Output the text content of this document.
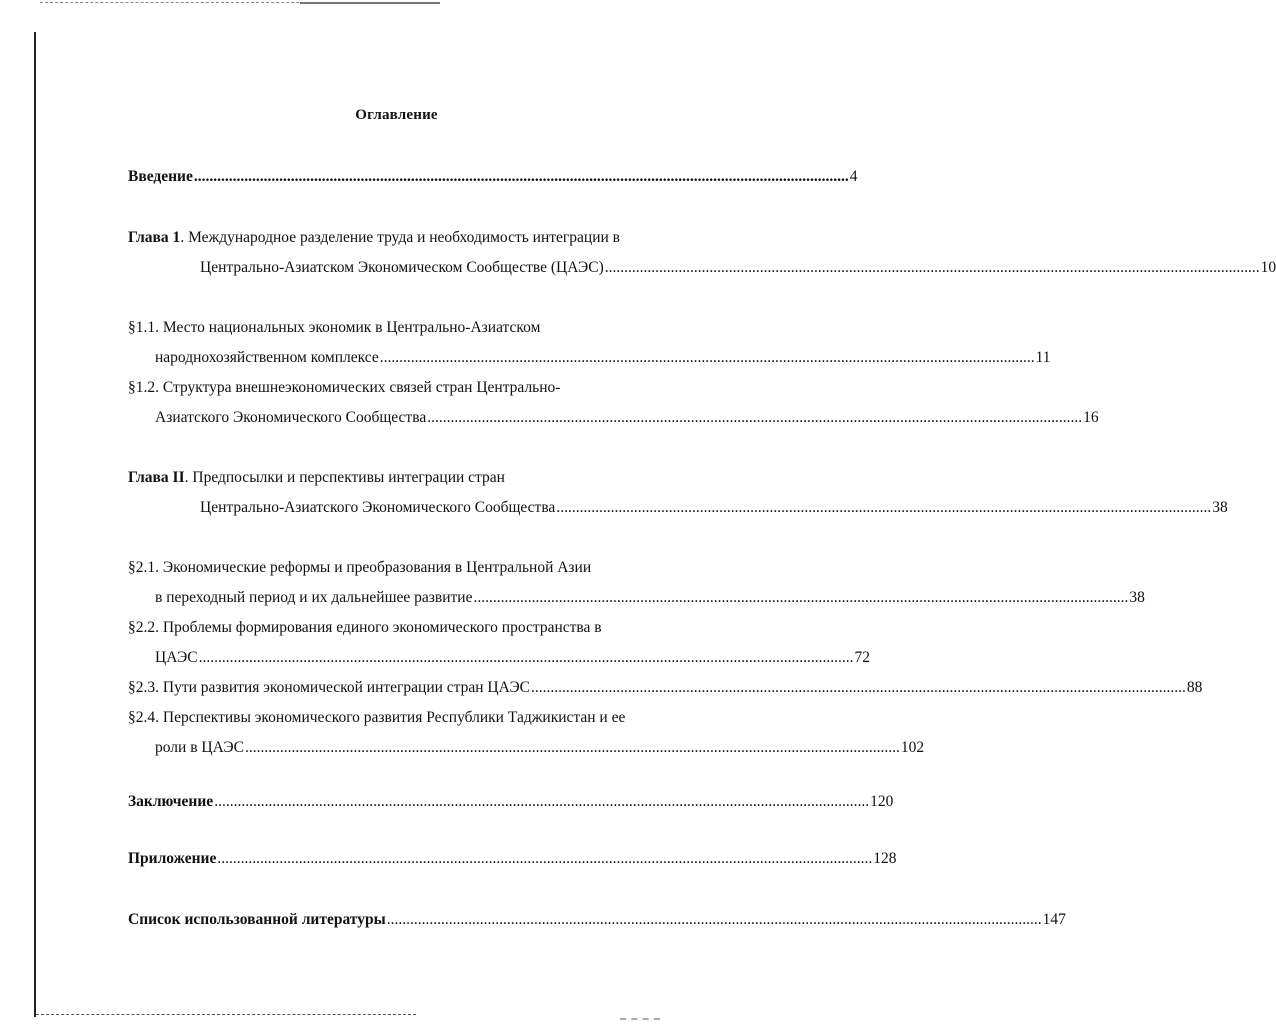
Оглавление
Введение ......................................................................................................................................................................... 4
Глава 1. Международное разделение труда и необходимость интеграции в
Центрально-Азиатском Экономическом Сообществе (ЦАЭС) ......................................................................................................................................................................... 10
§1.1. Место национальных экономик в Центрально-Азиатском
народнохозяйственном комплексе ......................................................................................................................................................................... 11
§1.2. Структура внешнеэкономических связей стран Центрально-
Азиатского Экономического Сообщества ......................................................................................................................................................................... 16
Глава II. Предпосылки и перспективы интеграции стран
Центрально-Азиатского Экономического Сообщества ......................................................................................................................................................................... 38
§2.1. Экономические реформы и преобразования в Центральной Азии
в переходный период и их дальнейшее развитие ......................................................................................................................................................................... 38
§2.2. Проблемы формирования единого экономического пространства в
ЦАЭС ......................................................................................................................................................................... 72
§2.3. Пути развития экономической интеграции стран ЦАЭС ......................................................................................................................................................................... 88
§2.4. Перспективы экономического развития Республики Таджикистан и ее
роли в ЦАЭС ......................................................................................................................................................................... 102
Заключение ......................................................................................................................................................................... 120
Приложение ......................................................................................................................................................................... 128
Список использованной литературы ......................................................................................................................................................................... 147
